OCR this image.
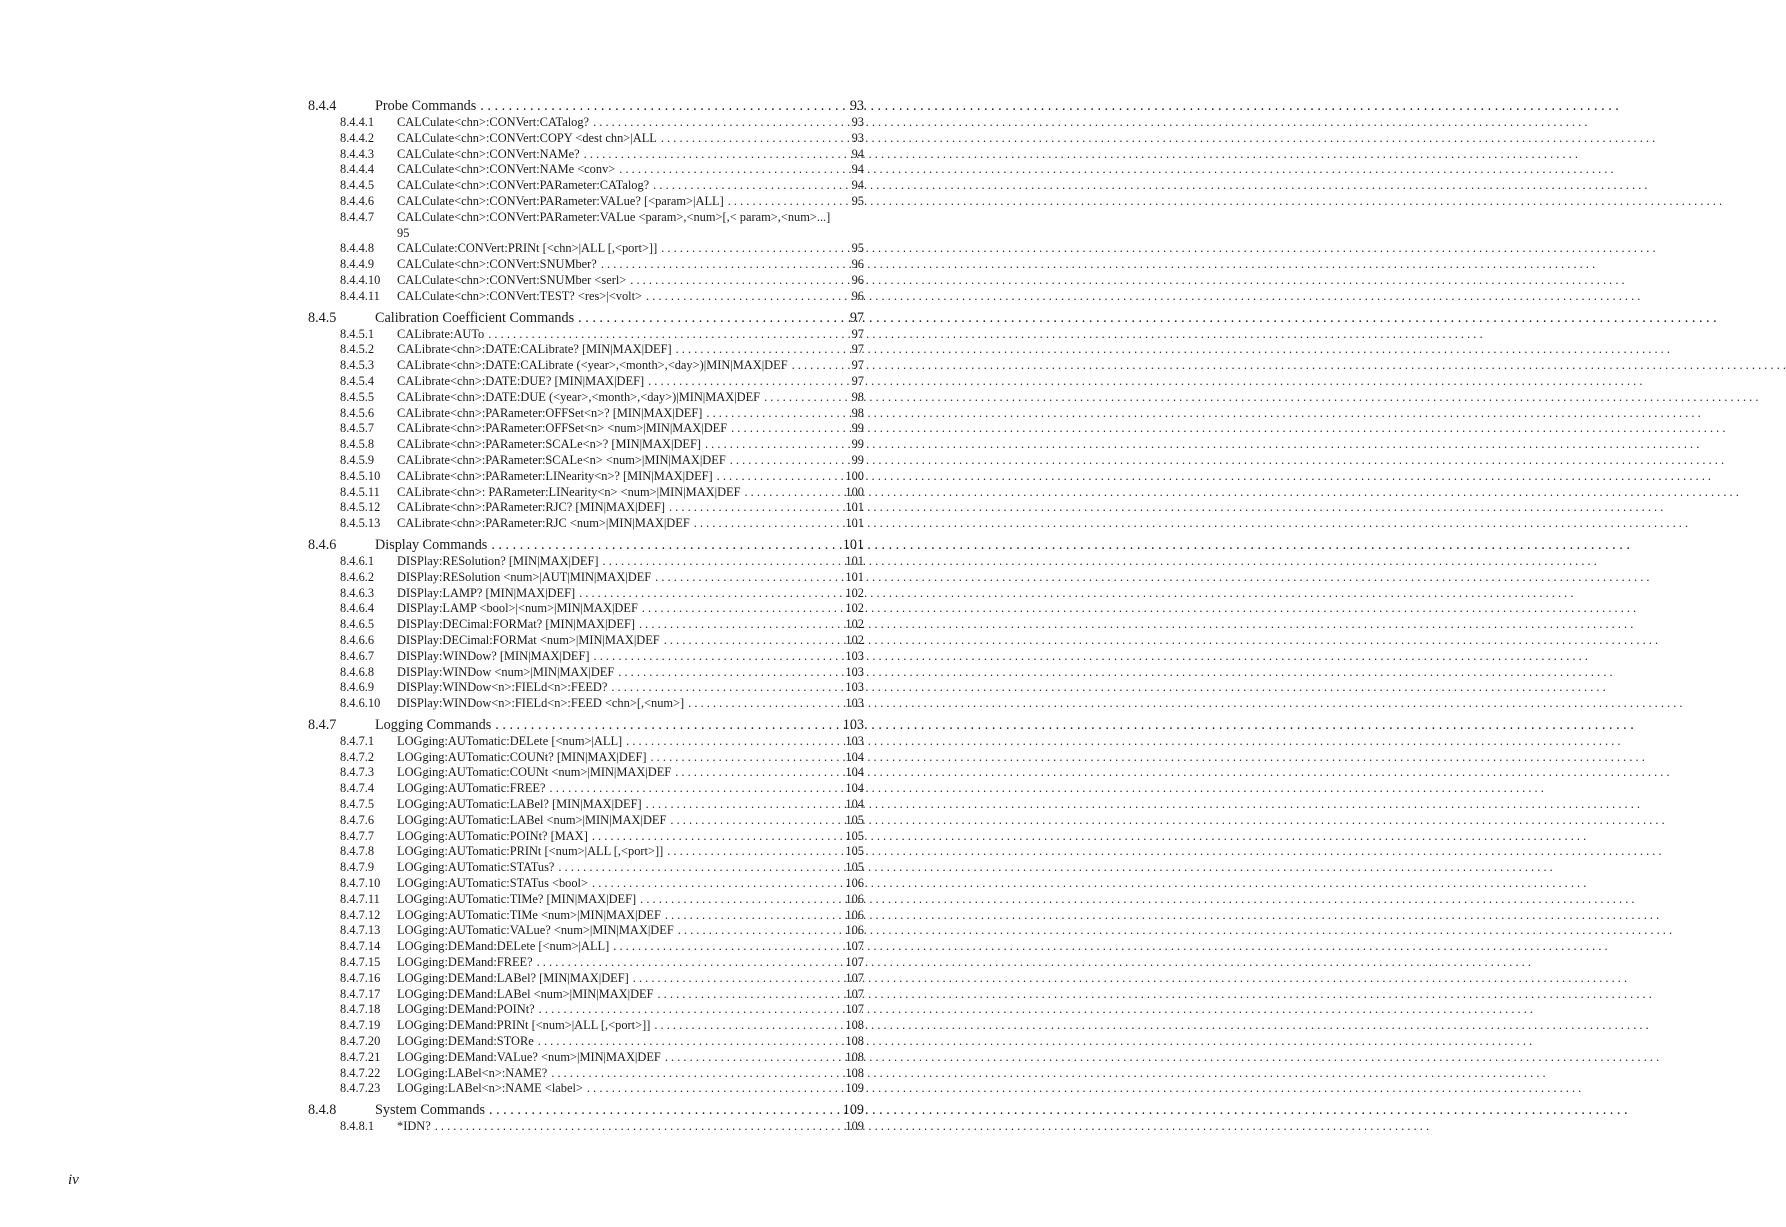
8.4.4	Probe Commands . . .	93
8.4.4.1	CALCulate<chn>:CONVert:CATalog? . . .	93
8.4.4.2	CALCulate<chn>:CONVert:COPY <dest chn>|ALL . . .	93
8.4.4.3	CALCulate<chn>:CONVert:NAMe? . . .	94
8.4.4.4	CALCulate<chn>:CONVert:NAMe <conv> . . .	94
8.4.4.5	CALCulate<chn>:CONVert:PARameter:CATalog? . . .	94
8.4.4.6	CALCulate<chn>:CONVert:PARameter:VALue? [<param>|ALL] . . .	95
8.4.4.7	CALCulate<chn>:CONVert:PARameter:VALue <param>,<num>[,< param>,<num>...]
95
8.4.4.8	CALCulate:CONVert:PRINt [<chn>|ALL [,<port>]] . . .	95
8.4.4.9	CALCulate<chn>:CONVert:SNUMber? . . .	96
8.4.4.10	CALCulate<chn>:CONVert:SNUMber <serl> . . .	96
8.4.4.11	CALCulate<chn>:CONVert:TEST? <res>|<volt> . . .	96
8.4.5	Calibration Coefficient Commands . . .	97
8.4.5.1	CALibrate:AUTo . . .	97
8.4.5.2	CALibrate<chn>:DATE:CALibrate? [MIN|MAX|DEF] . . .	97
8.4.5.3	CALibrate<chn>:DATE:CALibrate (<year>,<month>,<day>)|MIN|MAX|DEF . . .	97
8.4.5.4	CALibrate<chn>:DATE:DUE? [MIN|MAX|DEF] . . .	97
8.4.5.5	CALibrate<chn>:DATE:DUE (<year>,<month>,<day>)|MIN|MAX|DEF . . .	98
8.4.5.6	CALibrate<chn>:PARameter:OFFSet<n>? [MIN|MAX|DEF] . . .	98
8.4.5.7	CALibrate<chn>:PARameter:OFFSet<n> <num>|MIN|MAX|DEF . . .	99
8.4.5.8	CALibrate<chn>:PARameter:SCALe<n>? [MIN|MAX|DEF] . . .	99
8.4.5.9	CALibrate<chn>:PARameter:SCALe<n> <num>|MIN|MAX|DEF . . .	99
8.4.5.10	CALibrate<chn>:PARameter:LINearity<n>? [MIN|MAX|DEF] . . .	100
8.4.5.11	CALibrate<chn>: PARameter:LINearity<n> <num>|MIN|MAX|DEF . . .	100
8.4.5.12	CALibrate<chn>:PARameter:RJC? [MIN|MAX|DEF] . . .	101
8.4.5.13	CALibrate<chn>:PARameter:RJC <num>|MIN|MAX|DEF . . .	101
8.4.6	Display Commands . . .	101
8.4.6.1	DISPlay:RESolution? [MIN|MAX|DEF] . . .	101
8.4.6.2	DISPlay:RESolution <num>|AUT|MIN|MAX|DEF . . .	101
8.4.6.3	DISPlay:LAMP? [MIN|MAX|DEF] . . .	102
8.4.6.4	DISPlay:LAMP <bool>|<num>|MIN|MAX|DEF . . .	102
8.4.6.5	DISPlay:DECimal:FORMat? [MIN|MAX|DEF] . . .	102
8.4.6.6	DISPlay:DECimal:FORMat <num>|MIN|MAX|DEF . . .	102
8.4.6.7	DISPlay:WINDow? [MIN|MAX|DEF] . . .	103
8.4.6.8	DISPlay:WINDow <num>|MIN|MAX|DEF . . .	103
8.4.6.9	DISPlay:WINDow<n>:FIELd<n>:FEED? . . .	103
8.4.6.10	DISPlay:WINDow<n>:FIELd<n>:FEED <chn>[,<num>] . . .	103
8.4.7	Logging Commands . . .	103
8.4.7.1	LOGging:AUTomatic:DELete [<num>|ALL] . . .	103
8.4.7.2	LOGging:AUTomatic:COUNt? [MIN|MAX|DEF] . . .	104
8.4.7.3	LOGging:AUTomatic:COUNt <num>|MIN|MAX|DEF . . .	104
8.4.7.4	LOGging:AUTomatic:FREE? . . .	104
8.4.7.5	LOGging:AUTomatic:LABel? [MIN|MAX|DEF] . . .	104
8.4.7.6	LOGging:AUTomatic:LABel <num>|MIN|MAX|DEF . . .	105
8.4.7.7	LOGging:AUTomatic:POINt? [MAX] . . .	105
8.4.7.8	LOGging:AUTomatic:PRINt [<num>|ALL [,<port>]] . . .	105
8.4.7.9	LOGging:AUTomatic:STATus? . . .	105
8.4.7.10	LOGging:AUTomatic:STATus <bool> . . .	106
8.4.7.11	LOGging:AUTomatic:TIMe? [MIN|MAX|DEF] . . .	106
8.4.7.12	LOGging:AUTomatic:TIMe <num>|MIN|MAX|DEF . . .	106
8.4.7.13	LOGging:AUTomatic:VALue? <num>|MIN|MAX|DEF . . .	106
8.4.7.14	LOGging:DEMand:DELete [<num>|ALL] . . .	107
8.4.7.15	LOGging:DEMand:FREE? . . .	107
8.4.7.16	LOGging:DEMand:LABel? [MIN|MAX|DEF] . . .	107
8.4.7.17	LOGging:DEMand:LABel <num>|MIN|MAX|DEF . . .	107
8.4.7.18	LOGging:DEMand:POINt? . . .	107
8.4.7.19	LOGging:DEMand:PRINt [<num>|ALL [,<port>]] . . .	108
8.4.7.20	LOGging:DEMand:STORe . . .	108
8.4.7.21	LOGging:DEMand:VALue? <num>|MIN|MAX|DEF . . .	108
8.4.7.22	LOGging:LABel<n>:NAME? . . .	108
8.4.7.23	LOGging:LABel<n>:NAME <label> . . .	109
8.4.8	System Commands . . .	109
8.4.8.1	*IDN? . . .	109
iv
